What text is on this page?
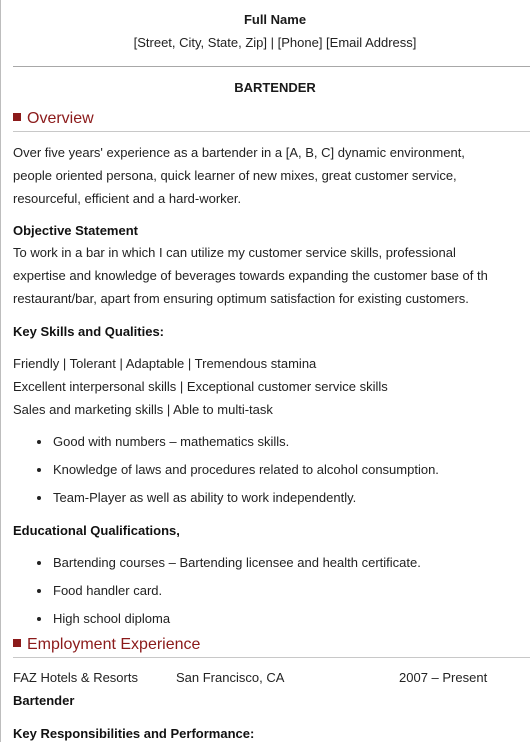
Full Name
[Street, City, State, Zip] | [Phone] [Email Address]
BARTENDER
Overview
Over five years' experience as a bartender in a [A, B, C] dynamic environment,
people oriented persona, quick learner of new mixes, great customer service,
resourceful, efficient and a hard-worker.
Objective Statement
To work in a bar in which I can utilize my customer service skills, professional
expertise and knowledge of beverages towards expanding the customer base of th
restaurant/bar, apart from ensuring optimum satisfaction for existing customers.
Key Skills and Qualities:
Friendly | Tolerant | Adaptable | Tremendous stamina
Excellent interpersonal skills | Exceptional customer service skills
Sales and marketing skills | Able to multi-task
Good with numbers – mathematics skills.
Knowledge of laws and procedures related to alcohol consumption.
Team-Player as well as ability to work independently.
Educational Qualifications,
Bartending courses – Bartending licensee and health certificate.
Food handler card.
High school diploma
Employment Experience
FAZ Hotels & Resorts	San Francisco, CA	2007 – Present
Bartender
Key Responsibilities and Performance:
